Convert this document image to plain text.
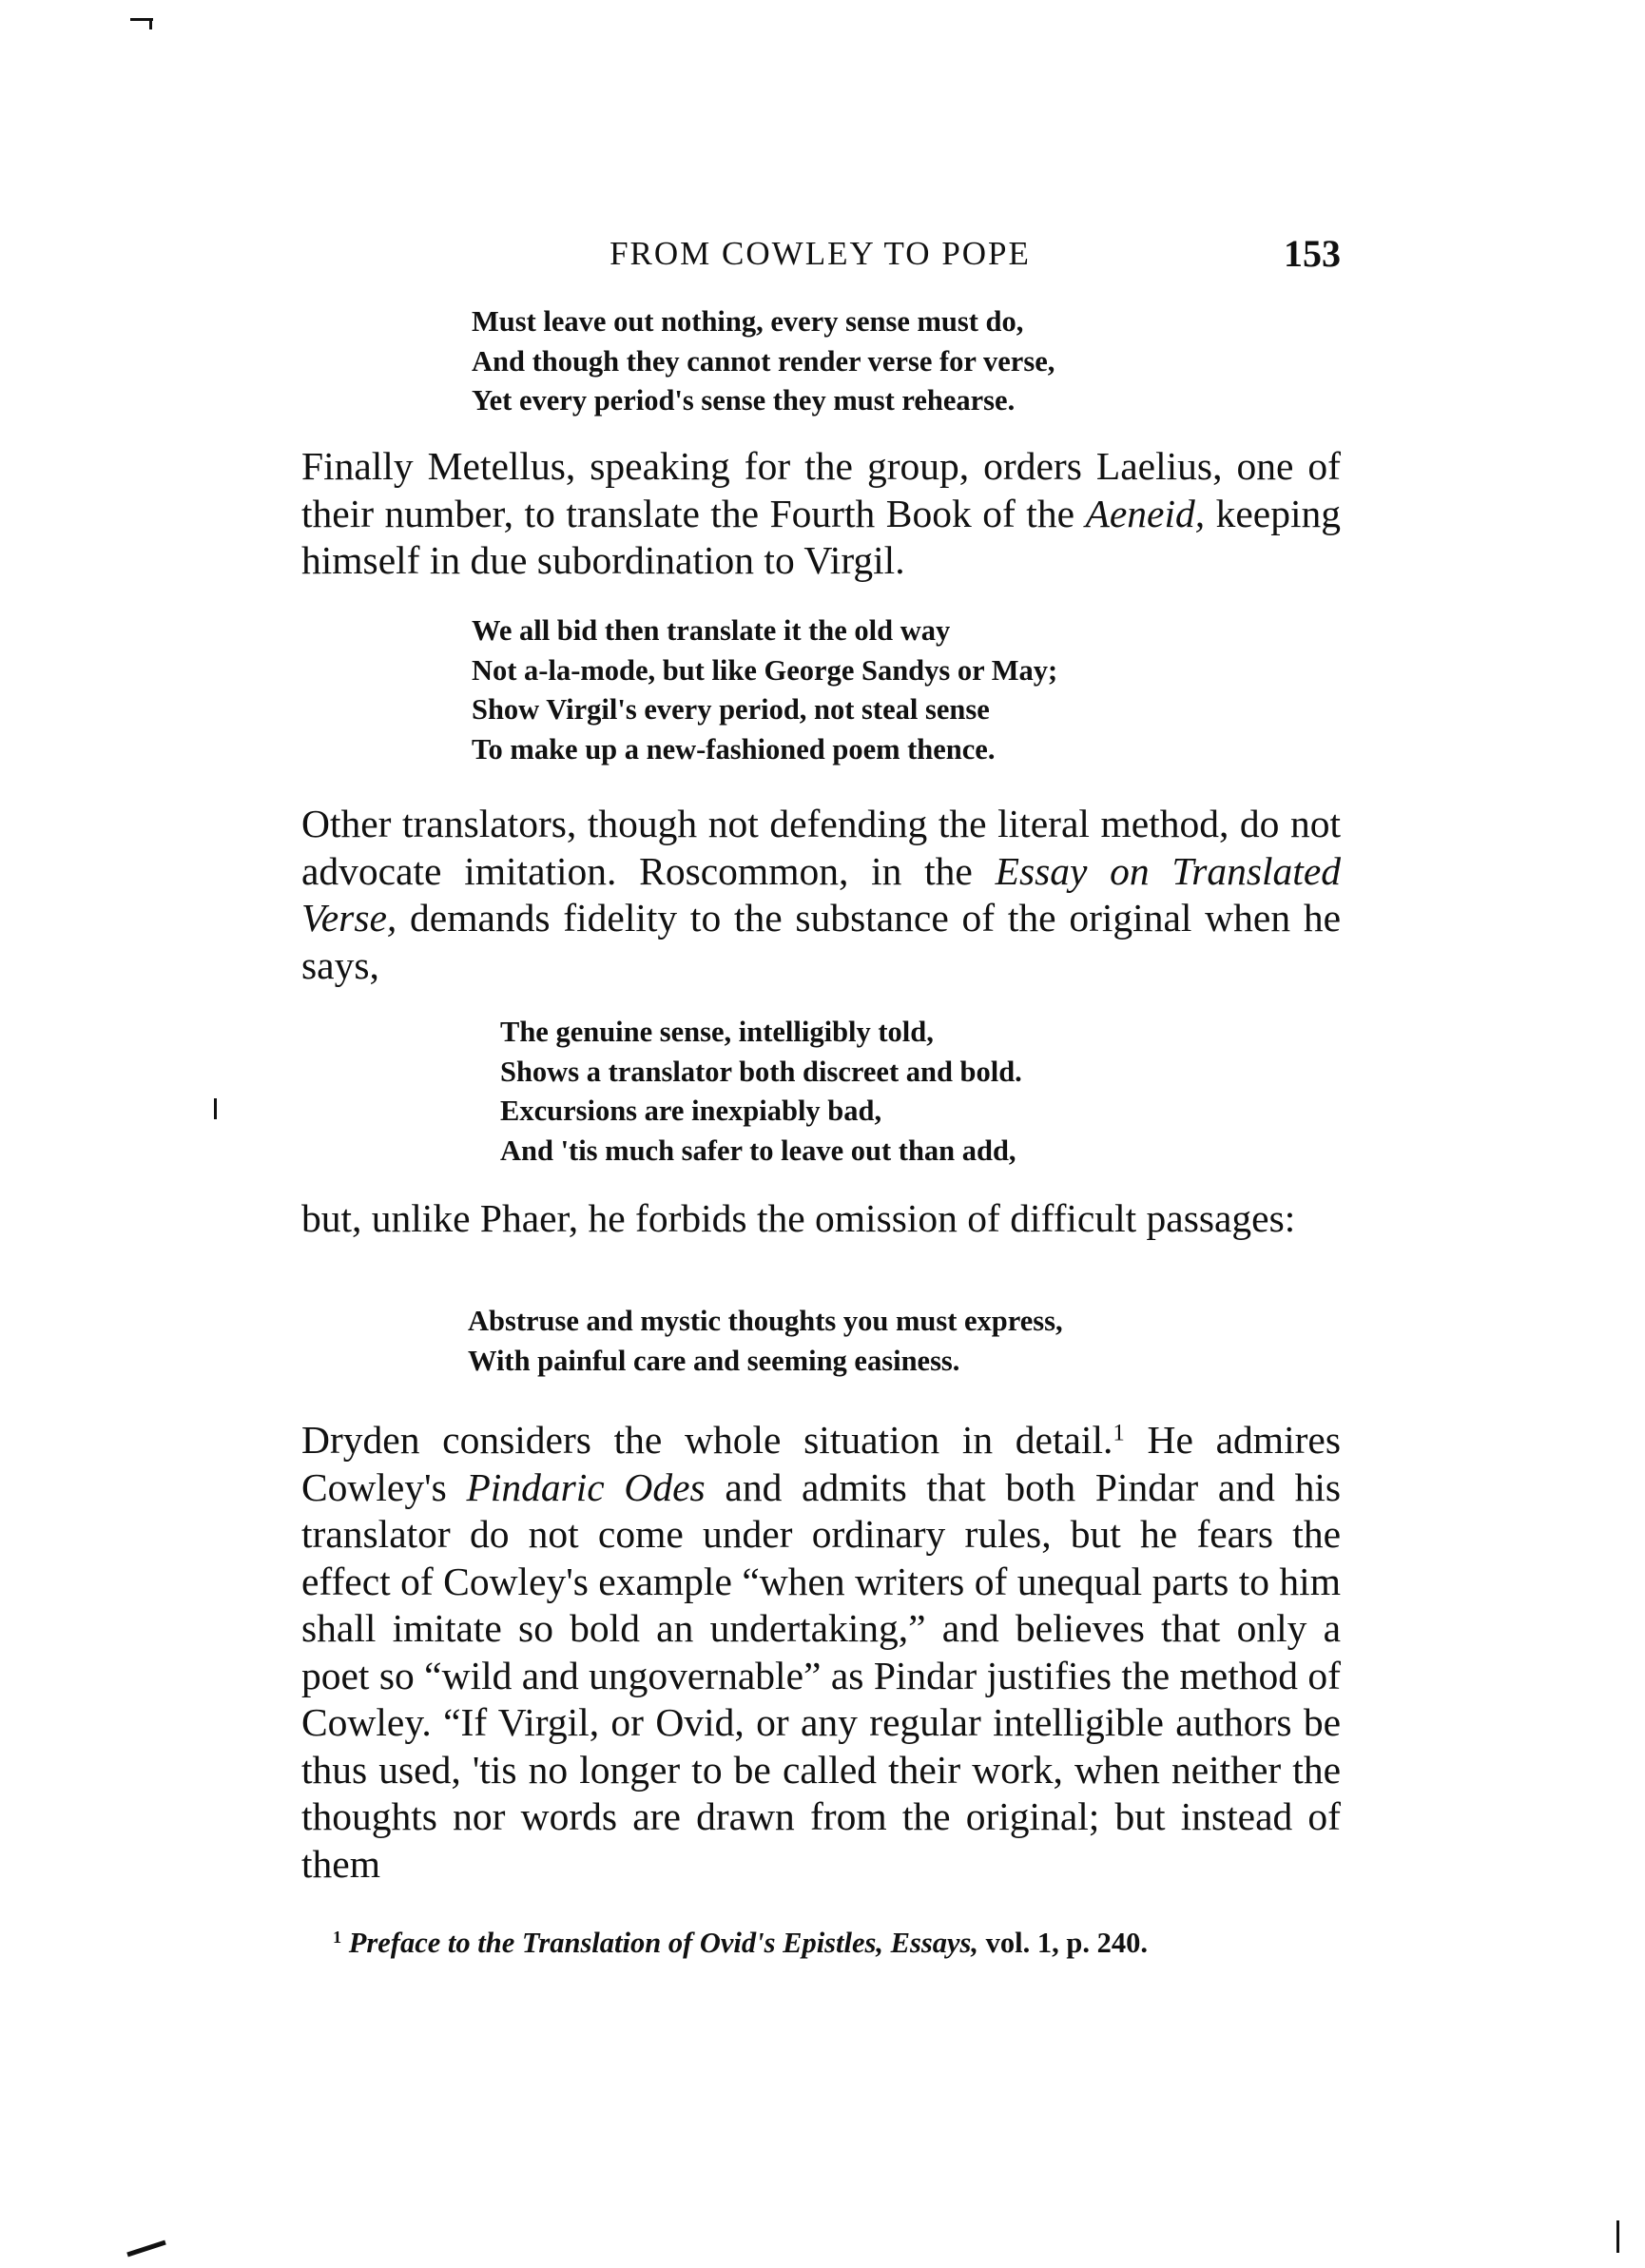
FROM COWLEY TO POPE	153
Must leave out nothing, every sense must do,
And though they cannot render verse for verse,
Yet every period's sense they must rehearse.

Finally Metellus, speaking for the group, orders Laelius, one of their number, to translate the Fourth Book of the Aeneid, keeping himself in due subordination to Virgil.

We all bid then translate it the old way
Not a-la-mode, but like George Sandys or May;
Show Virgil's every period, not steal sense
To make up a new-fashioned poem thence.

Other translators, though not defending the literal method, do not advocate imitation. Roscommon, in the Essay on Translated Verse, demands fidelity to the substance of the original when he says,

The genuine sense, intelligibly told,
Shows a translator both discreet and bold.
Excursions are inexpiably bad,
And 'tis much safer to leave out than add,

but, unlike Phaer, he forbids the omission of difficult passages:

Abstruse and mystic thoughts you must express,
With painful care and seeming easiness.

Dryden considers the whole situation in detail.$^1$ He admires Cowley's Pindaric Odes and admits that both Pindar and his translator do not come under ordinary rules, but he fears the effect of Cowley's example “when writers of unequal parts to him shall imitate so bold an undertaking,” and believes that only a poet so “wild and ungovernable” as Pindar justifies the method of Cowley. “If Virgil, or Ovid, or any regular intelligible authors be thus used, 'tis no longer to be called their work, when neither the thoughts nor words are drawn from the original; but instead of them

$^1$ Preface to the Translation of Ovid's Epistles, Essays, vol. 1, p. 240.
